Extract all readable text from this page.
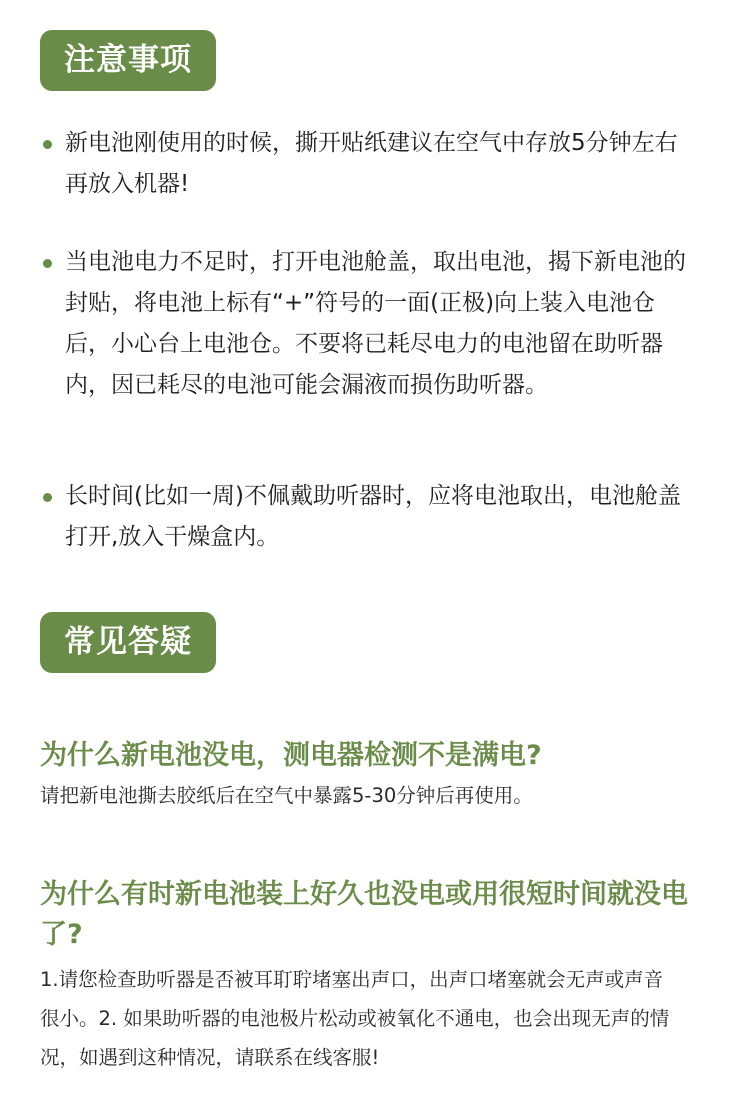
注意事项
新电池刚使用的时候，撕开贴纸建议在空气中存放5分钟左右再放入机器!
当电池电力不足时，打开电池舱盖，取出电池，揭下新电池的封贴，将电池上标有“+”符号的一面(正极)向上装入电池仓后，小心台上电池仓。不要将已耗尽电力的电池留在助听器内，因已耗尽的电池可能会漏液而损伤助听器。
长时间(比如一周)不佩戴助听器时，应将电池取出，电池舱盖打开,放入干燥盒内。
常见答疑
为什么新电池没电，测电器检测不是满电?
请把新电池撕去胶纸后在空气中暴露5-30分钟后再使用。
为什么有时新电池装上好久也没电或用很短时间就没电了?
1.请您检查助听器是否被耳耵聍堵塞出声口，出声口堵塞就会无声或声音很小。2. 如果助听器的电池极片松动或被氧化不通电，也会出现无声的情况，如遇到这种情况，请联系在线客服!
